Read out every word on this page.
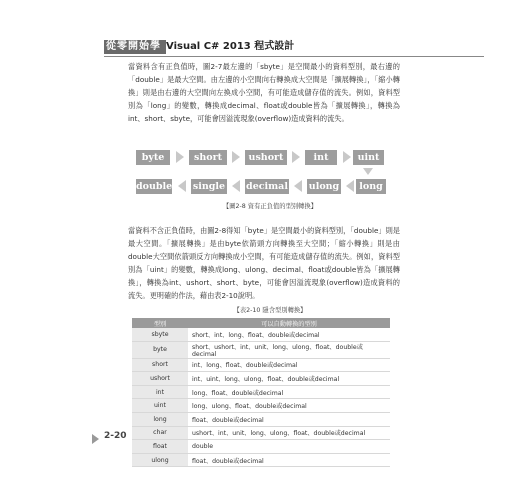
從零開始學 Visual C# 2013 程式設計
當資料含有正負值時，圖2-7最左邊的「sbyte」是空間最小的資料型別，最右邊的「double」是最大空間。由左邊的小空間向右轉換成大空間是「擴展轉換」，「縮小轉換」則是由右邊的大空間向左換成小空間，有可能造成儲存值的流失。例如，資料型別為「long」的變數，轉換成decimal、float或double皆為「擴展轉換」，轉換為int、short、sbyte，可能會因溢流現象(overflow)造成資料的流失。
byte	short	ushort	int	uint
double single decimal ulong	long
【圖2-8 資有正負值的型別轉換】
當資料不含正負值時，由圖2-8得知「byte」是空間最小的資料型別，「double」則是最大空間。「擴展轉換」是由byte依箭頭方向轉換至大空間；「縮小轉換」則是由double大空間依箭頭反方向轉換成小空間，有可能造成儲存值的流失。例如，資料型別為「uint」的變數，轉換成long、ulong、decimal、float或double皆為「擴展轉換」，轉換為int、ushort、short、byte，可能會因溢流現象(overflow)造成資料的流失。更明確的作法，藉由表2-10說明。
【表2-10 隱含型別轉換】
型別	可以自動轉換的型別
sbyte	short、int、long、float、double或decimal
byte	short、ushort、int、unit、long、ulong、float、double或decimal
short	int、long、float、double或decimal
ushort	int、uint、long、ulong、float、double或decimal
int	long、float、double或decimal
uint	long、ulong、float、double或decimal
long	float、double或decimal
char	ushort、int、unit、long、ulong、float、double或decimal
float	double
ulong	float、double或decimal
2-20
